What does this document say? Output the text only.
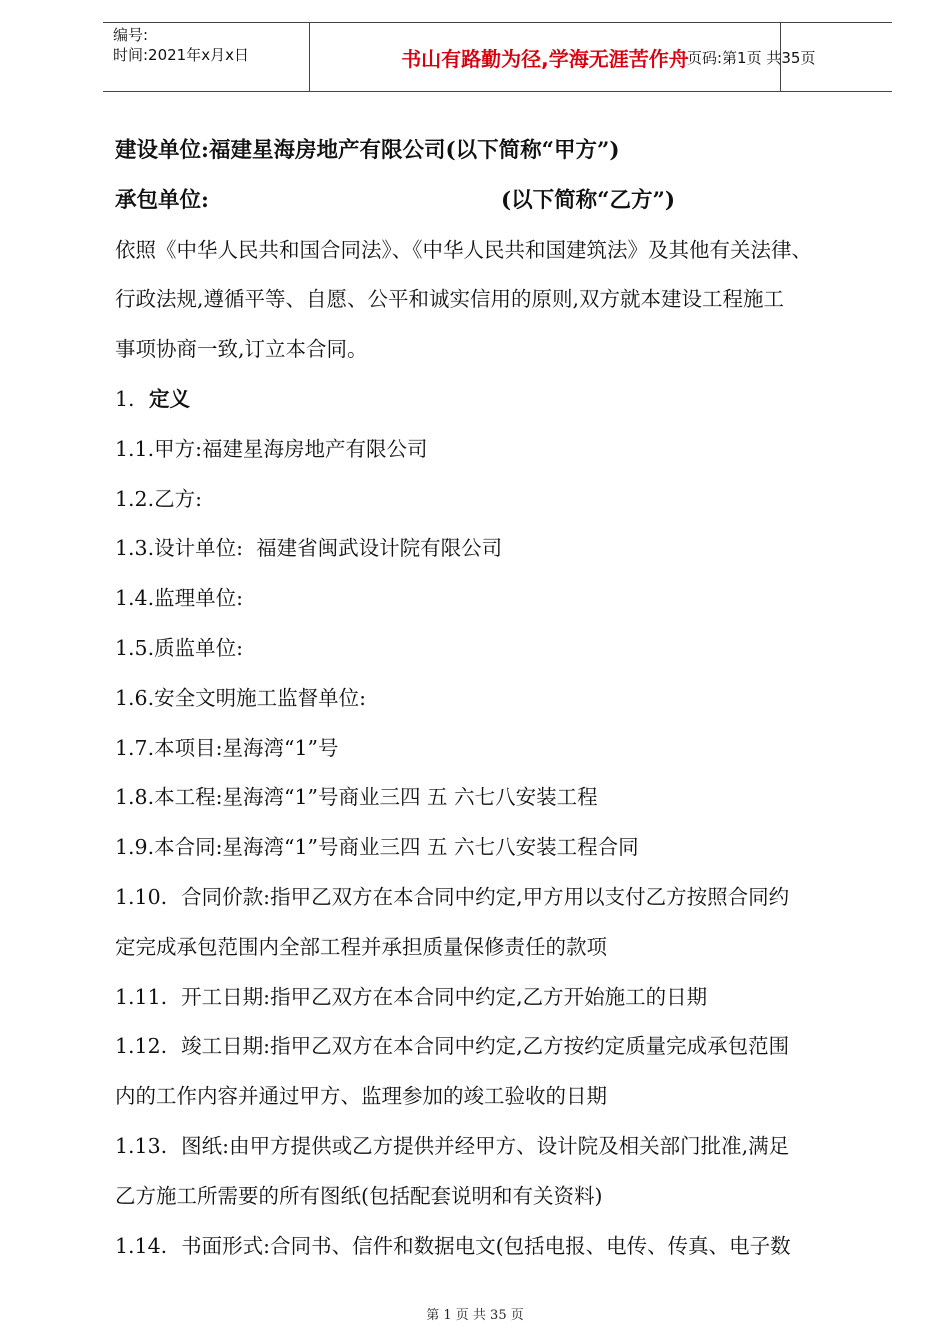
编号:
时间:2021年x月x日	书山有路勤为径,学海无涯苦作舟
页码:第1页 共35页
建设单位:福建星海房地产有限公司(以下简称“甲方”)
承包单位:	(以下简称“乙方”)
依照《中华人民共和国合同法》、《中华人民共和国建筑法》及其他有关法律、
行政法规,遵循平等、自愿、公平和诚实信用的原则,双方就本建设工程施工
事项协商一致,订立本合同。
1. 定义
1.1.甲方:福建星海房地产有限公司
1.2.乙方:
1.3.设计单位:  福建省闽武设计院有限公司
1.4.监理单位:
1.5.质监单位:
1.6.安全文明施工监督单位:
1.7.本项目:星海湾“1”号
1.8.本工程:星海湾“1”号商业三四 五 六七八安装工程
1.9.本合同:星海湾“1”号商业三四 五 六七八安装工程合同
1.10. 合同价款:指甲乙双方在本合同中约定,甲方用以支付乙方按照合同约
定完成承包范围内全部工程并承担质量保修责任的款项
1.11. 开工日期:指甲乙双方在本合同中约定,乙方开始施工的日期
1.12. 竣工日期:指甲乙双方在本合同中约定,乙方按约定质量完成承包范围
内的工作内容并通过甲方、监理参加的竣工验收的日期
1.13. 图纸:由甲方提供或乙方提供并经甲方、设计院及相关部门批准,满足
乙方施工所需要的所有图纸(包括配套说明和有关资料)
1.14. 书面形式:合同书、信件和数据电文(包括电报、电传、传真、电子数
第 1 页 共 35 页
